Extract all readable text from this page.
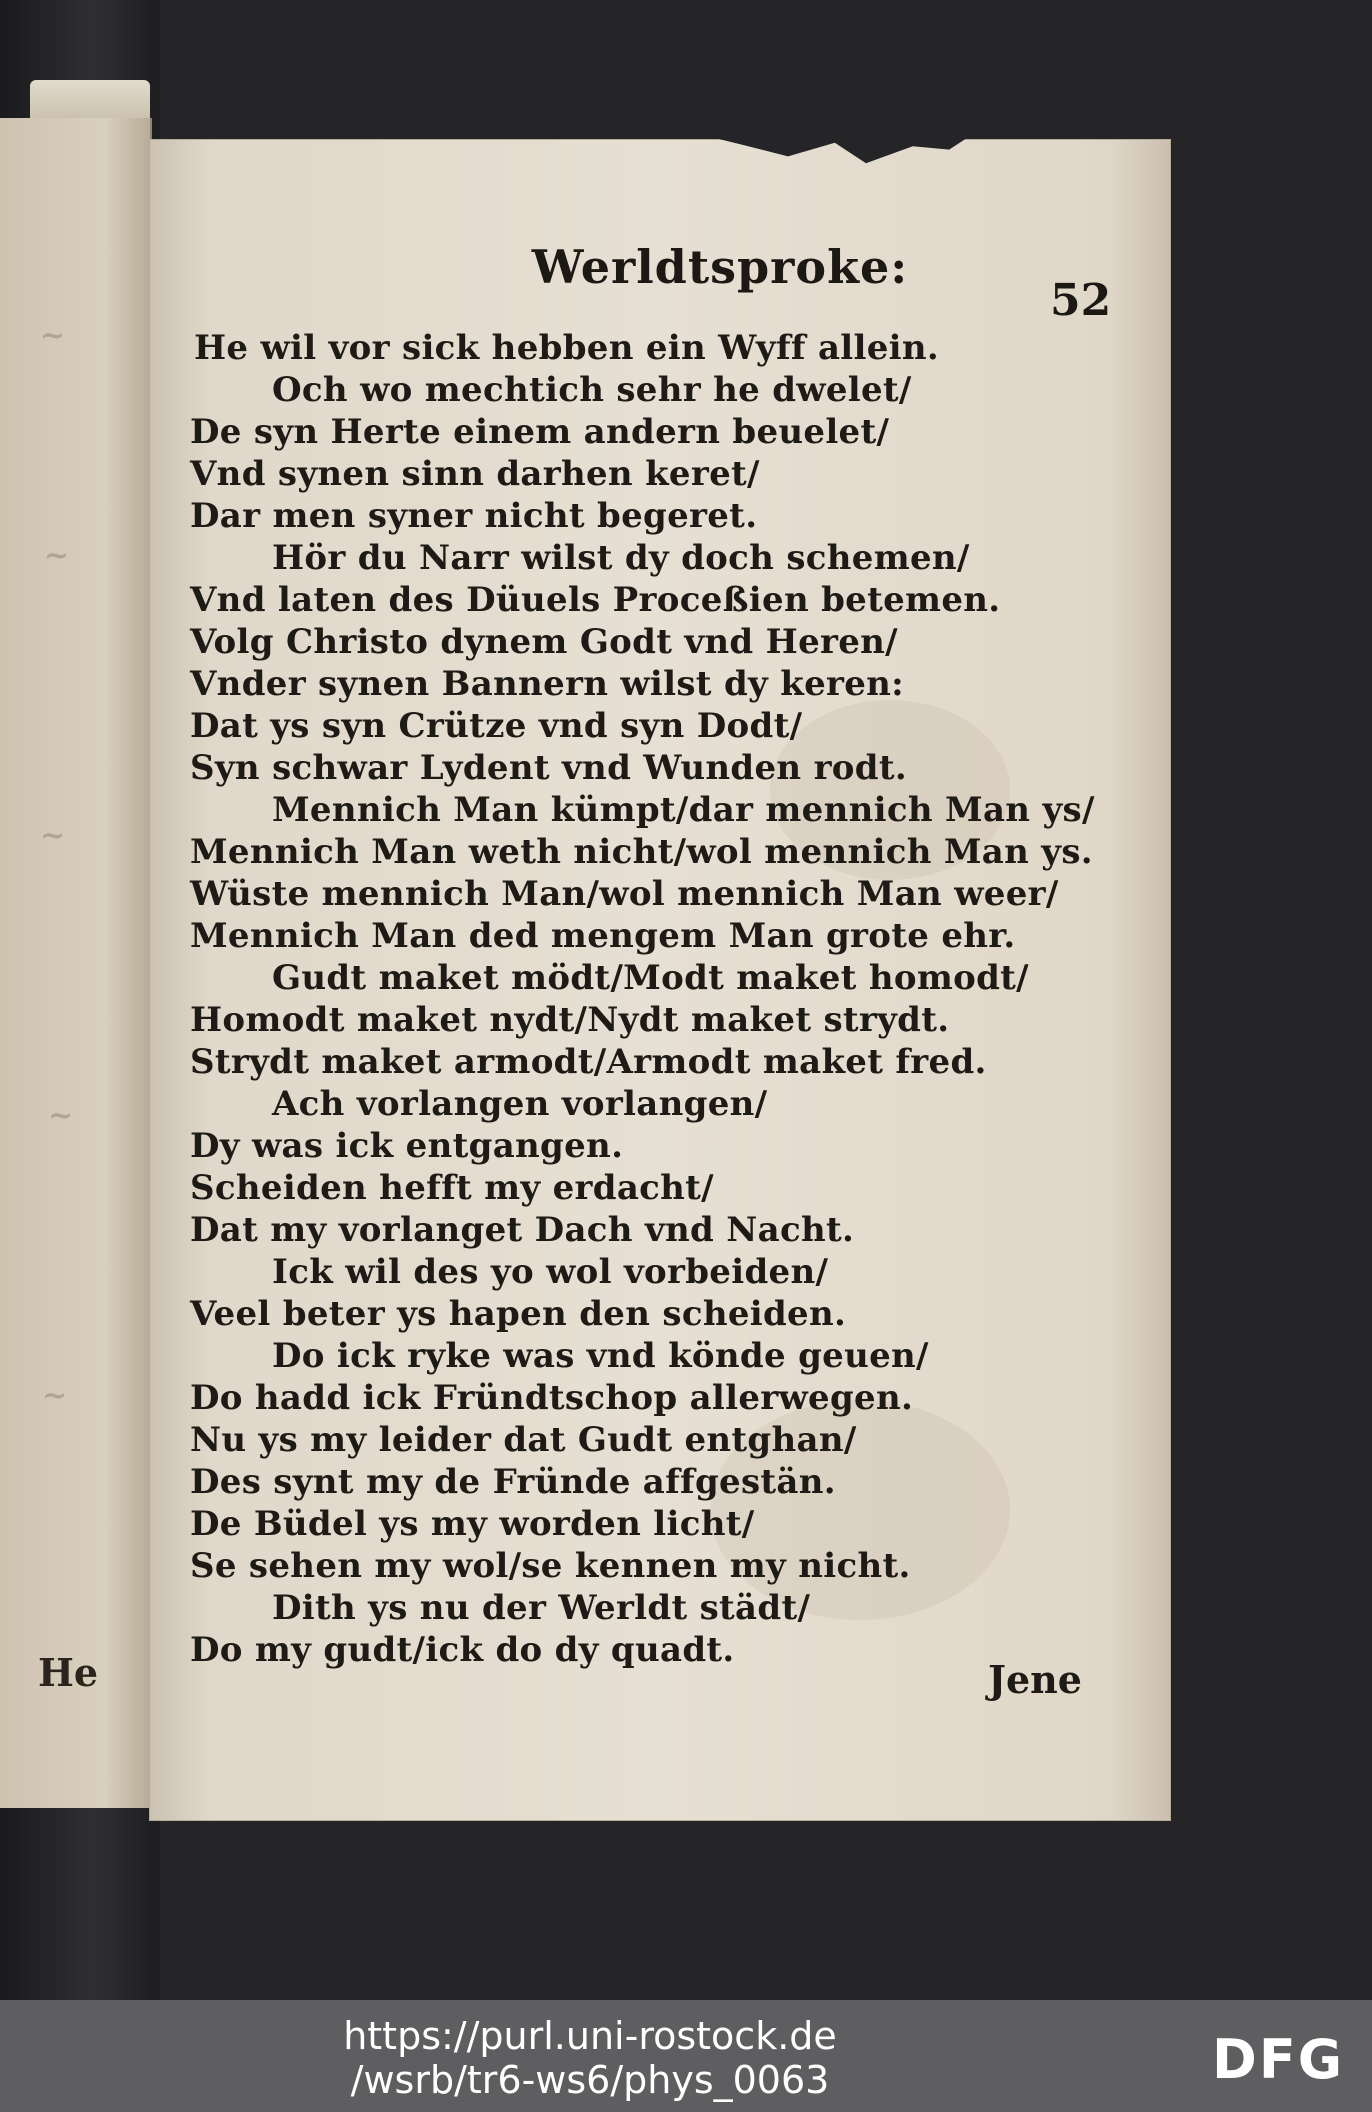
~
~
~
~
~
He
Werldtsproke:
52
He wil vor sick hebben ein Wyff allein.
Och wo mechtich sehr he dwelet/
De syn Herte einem andern beuelet/
Vnd synen sinn darhen keret/
Dar men syner nicht begeret.
Hör du Narr wilst dy doch schemen/
Vnd laten des Düuels Proceßien betemen.
Volg Christo dynem Godt vnd Heren/
Vnder synen Bannern wilst dy keren:
Dat ys syn Crütze vnd syn Dodt/
Syn schwar Lydent vnd Wunden rodt.
Mennich Man kümpt/dar mennich Man ys/
Mennich Man weth nicht/wol mennich Man ys.
Wüste mennich Man/wol mennich Man weer/
Mennich Man ded mengem Man grote ehr.
Gudt maket mödt/Modt maket homodt/
Homodt maket nydt/Nydt maket strydt.
Strydt maket armodt/Armodt maket fred.
Ach vorlangen vorlangen/
Dy was ick entgangen.
Scheiden hefft my erdacht/
Dat my vorlanget Dach vnd Nacht.
Ick wil des yo wol vorbeiden/
Veel beter ys hapen den scheiden.
Do ick ryke was vnd könde geuen/
Do hadd ick Fründtschop allerwegen.
Nu ys my leider dat Gudt entghan/
Des synt my de Fründe affgestän.
De Büdel ys my worden licht/
Se sehen my wol/se kennen my nicht.
Dith ys nu der Werldt städt/
Do my gudt/ick do dy quadt.
Jene
https://purl.uni-rostock.de
/wsrb/tr6-ws6/phys_0063	DFG
